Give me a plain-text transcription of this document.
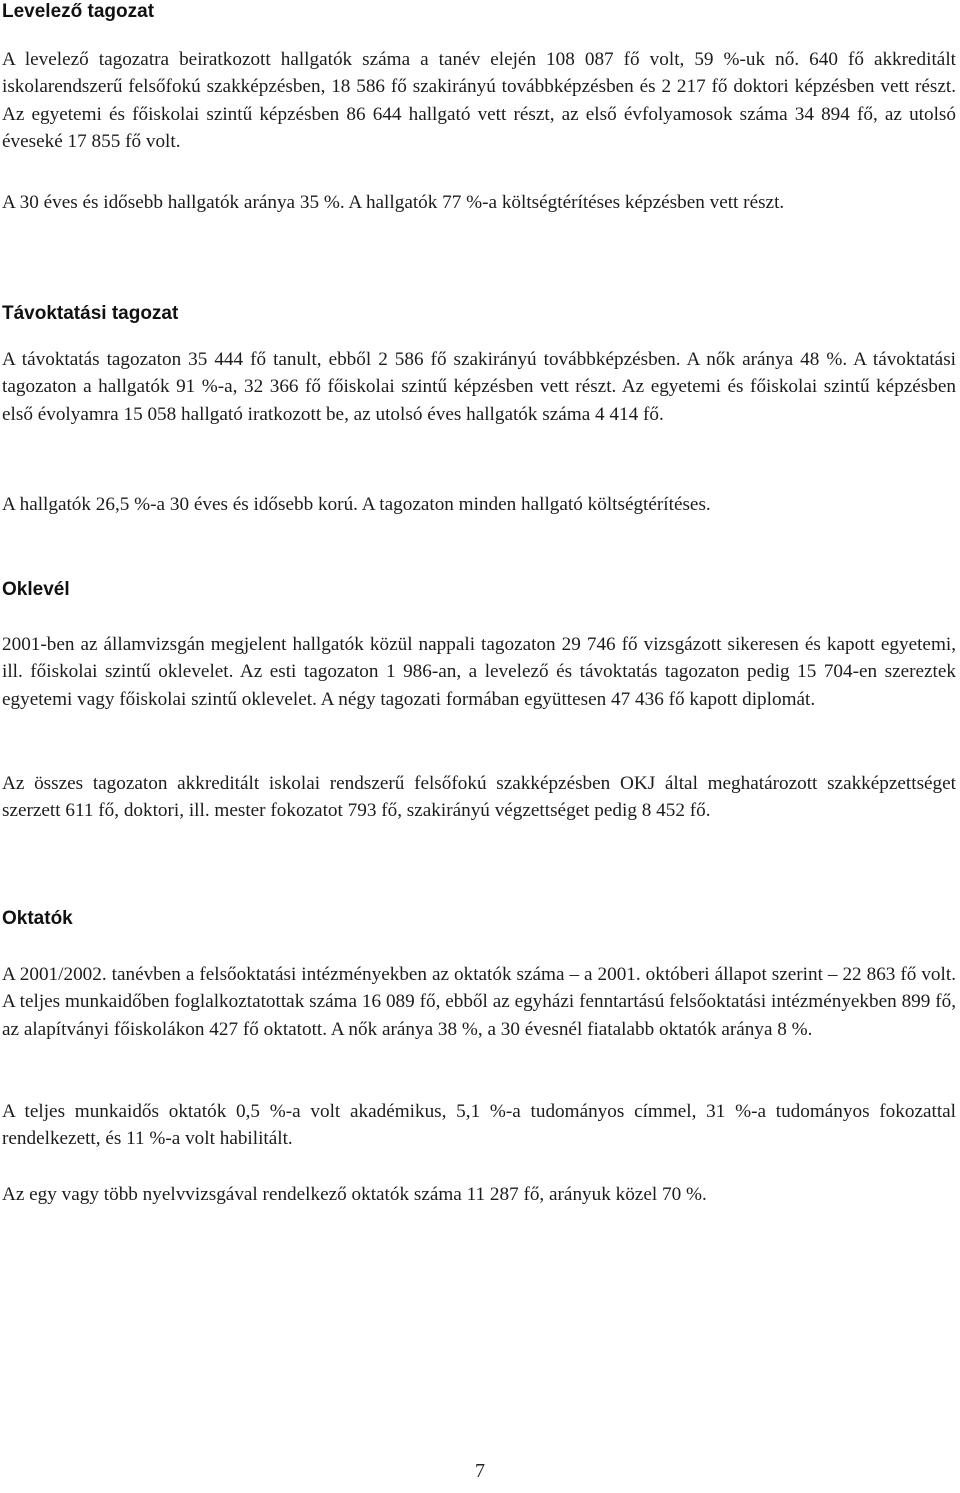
Levelező tagozat

A levelező tagozatra beiratkozott hallgatók száma a tanév elején 108 087 fő volt, 59 %-uk nő. 640 fő akkreditált iskolarendszerű felsőfokú szakképzésben, 18 586 fő szakirányú továbbképzésben és 2 217 fő doktori képzésben vett részt. Az egyetemi és főiskolai szintű képzésben 86 644 hallgató vett részt, az első évfolyamosok száma 34 894 fő, az utolsó éveseké 17 855 fő volt.

A 30 éves és idősebb hallgatók aránya 35 %. A hallgatók 77 %-a költségtérítéses képzésben vett részt.

Távoktatási tagozat

A távoktatás tagozaton 35 444 fő tanult, ebből 2 586 fő szakirányú továbbképzésben. A nők aránya 48 %. A távoktatási tagozaton a hallgatók 91 %-a, 32 366 fő főiskolai szintű képzésben vett részt. Az egyetemi és főiskolai szintű képzésben első évolyamra 15 058 hallgató iratkozott be, az utolsó éves hallgatók száma 4 414 fő.

A hallgatók 26,5 %-a 30 éves és idősebb korú. A tagozaton minden hallgató költségtérítéses.

Oklevél

2001-ben az államvizsgán megjelent hallgatók közül nappali tagozaton 29 746 fő vizsgázott sikeresen és kapott egyetemi, ill. főiskolai szintű oklevelet. Az esti tagozaton 1 986-an, a levelező és távoktatás tagozaton pedig 15 704-en szereztek egyetemi vagy főiskolai szintű oklevelet. A négy tagozati formában együttesen 47 436 fő kapott diplomát.

Az összes tagozaton akkreditált iskolai rendszerű felsőfokú szakképzésben OKJ által meghatározott szakképzettséget szerzett 611 fő, doktori, ill. mester fokozatot 793 fő, szakirányú végzettséget pedig 8 452 fő.

Oktatók

A 2001/2002. tanévben a felsőoktatási intézményekben az oktatók száma – a 2001. októberi állapot szerint – 22 863 fő volt. A teljes munkaidőben foglalkoztatottak száma 16 089 fő, ebből az egyházi fenntartású felsőoktatási intézményekben 899 fő, az alapítványi főiskolákon 427 fő oktatott. A nők aránya 38 %, a 30 évesnél fiatalabb oktatók aránya 8 %.

A teljes munkaidős oktatók 0,5 %-a volt akadémikus, 5,1 %-a tudományos címmel, 31 %-a tudományos fokozattal rendelkezett, és 11 %-a volt habilitált.

Az egy vagy több nyelvvizsgával rendelkező oktatók száma 11 287 fő, arányuk közel 70 %.

7
